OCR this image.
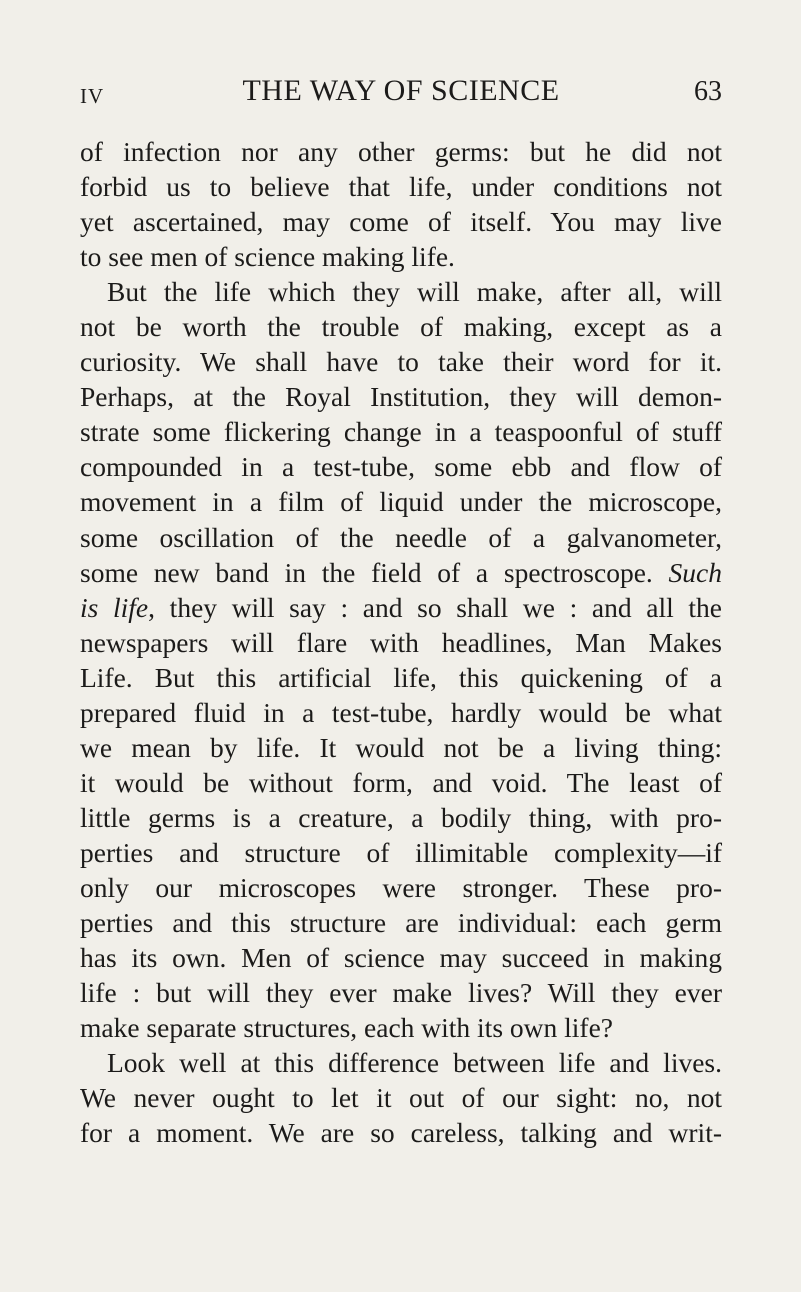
IV	THE WAY OF SCIENCE	63
of infection nor any other germs: but he did not
forbid us to believe that life, under conditions not
yet ascertained, may come of itself. You may live
to see men of science making life.
But the life which they will make, after all, will
not be worth the trouble of making, except as a
curiosity. We shall have to take their word for it.
Perhaps, at the Royal Institution, they will demon-
strate some flickering change in a teaspoonful of stuff
compounded in a test-tube, some ebb and flow of
movement in a film of liquid under the microscope,
some oscillation of the needle of a galvanometer,
some new band in the field of a spectroscope. Such
is life, they will say : and so shall we : and all the
newspapers will flare with headlines, Man Makes
Life. But this artificial life, this quickening of a
prepared fluid in a test-tube, hardly would be what
we mean by life. It would not be a living thing:
it would be without form, and void. The least of
little germs is a creature, a bodily thing, with pro-
perties and structure of illimitable complexity—if
only our microscopes were stronger. These pro-
perties and this structure are individual: each germ
has its own. Men of science may succeed in making
life : but will they ever make lives? Will they ever
make separate structures, each with its own life?
Look well at this difference between life and lives.
We never ought to let it out of our sight: no, not
for a moment. We are so careless, talking and writ-
